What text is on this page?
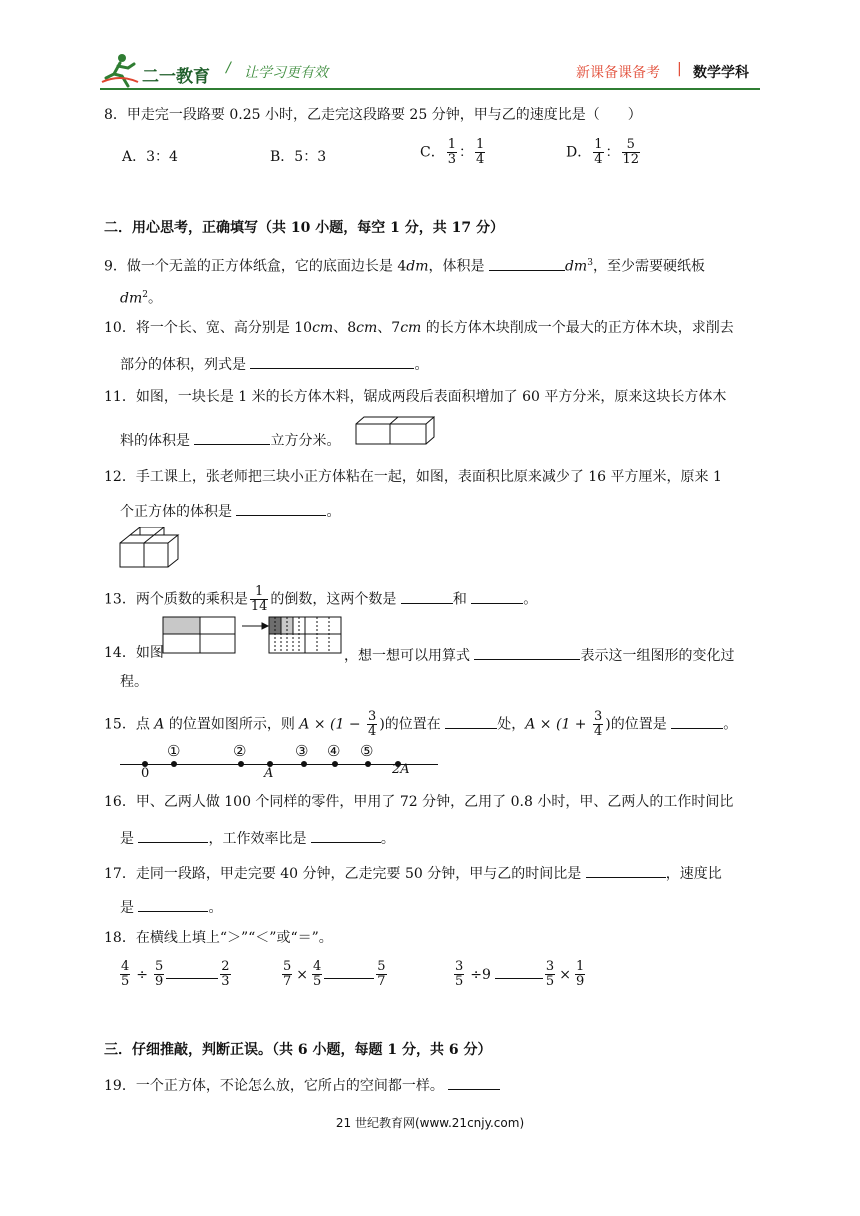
二一教育 / 让学习更有效	新课备课备考 | 数学学科
8．甲走完一段路要 0.25 小时，乙走完这段路要 25 分钟，甲与乙的速度比是（　　）
A．3：4	B．5：3	C． $\frac{1}{3}$ ： $\frac{1}{4}$	D． $\frac{1}{4}$ ： $\frac{5}{12}$
二．用心思考，正确填写（共 10 小题，每空 1 分，共 17 分）
9．做一个无盖的正方体纸盒，它的底面边长是 4dm，体积是	$dm^3$，至少需要硬纸板
$dm^2$。
10．将一个长、宽、高分别是 10cm、8cm、7cm 的长方体木块削成一个最大的正方体木块，求削去
部分的体积，列式是	。
11．如图，一块长是 1 米的长方体木料，锯成两段后表面积增加了 60 平方分米，原来这块长方体木
料的体积是	立方分米。
12．手工课上，张老师把三块小正方体粘在一起，如图，表面积比原来减少了 16 平方厘米，原来 1
个正方体的体积是	。
13．两个质数的乘积是 $\frac{1}{14}$ 的倒数，这两个数是	和	。
14．如图	，想一想可以用算式	表示这一组图形的变化过
程。
15．点 A 的位置如图所示，则 $A \times (1 - \frac{3}{4}$ )的位置在	处，$A \times (1 + \frac{3}{4}$ )的位置是	。
①	②	③ ④ ⑤
0	A	2A
16．甲、乙两人做 100 个同样的零件，甲用了 72 分钟，乙用了 0.8 小时，甲、乙两人的工作时间比
是	，工作效率比是	。
17．走同一段路，甲走完要 40 分钟，乙走完要 50 分钟，甲与乙的时间比是	，速度比
是	。
18．在横线上填上“＞”“＜”或“＝”。
$\frac{4}{5} \div \frac{5}{9}$	$\frac{2}{3}$	$\frac{5}{7} \times \frac{4}{5}$	$\frac{5}{7}$	$\frac{3}{5} \div 9$	$\frac{3}{5} \times \frac{1}{9}$
三．仔细推敲，判断正误。（共 6 小题，每题 1 分，共 6 分）
19．一个正方体，不论怎么放，它所占的空间都一样。
21 世纪教育网(www.21cnjy.com)
